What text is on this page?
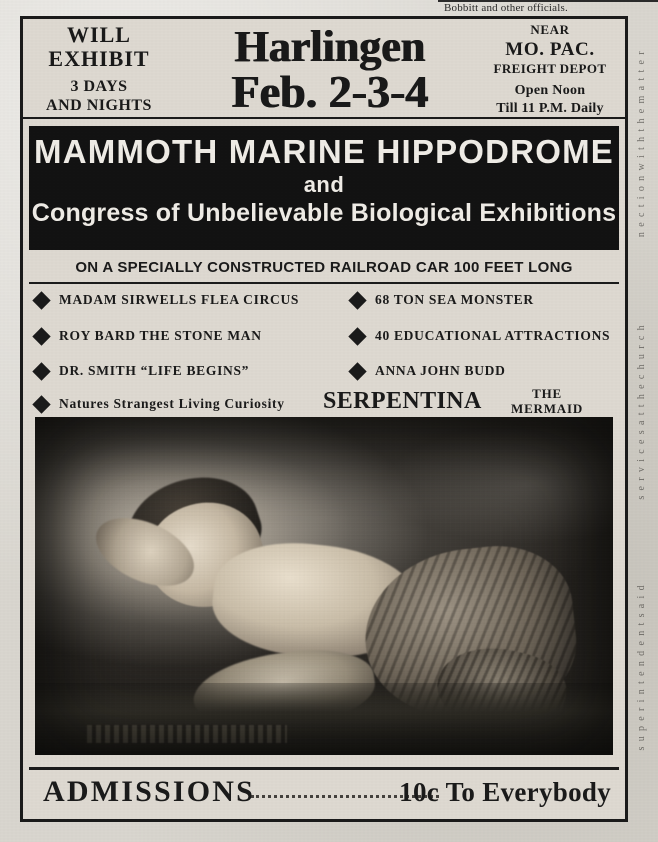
Bobbitt and other officials.
n e c t i o n w i t h t h e m a t t e r
s e r v i c e s a t t h e c h u r c h
s u p e r i n t e n d e n t s a i d
WILL
EXHIBIT
3 DAYS
AND NIGHTS
Harlingen
Feb. 2-3-4
NEAR
MO. PAC.
FREIGHT DEPOT
Open Noon
Till 11 P.M. Daily
MAMMOTH MARINE HIPPODROME
and
Congress of Unbelievable Biological Exhibitions
ON A SPECIALLY CONSTRUCTED RAILROAD CAR 100 FEET LONG
MADAM SIRWELLS FLEA CIRCUS
ROY BARD THE STONE MAN
DR. SMITH “LIFE BEGINS”
Natures Strangest Living Curiosity
68 TON SEA MONSTER
40 EDUCATIONAL ATTRACTIONS
ANNA JOHN BUDD
SERPENTINA	THE
MERMAID
ADMISSIONS	10c To Everybody
